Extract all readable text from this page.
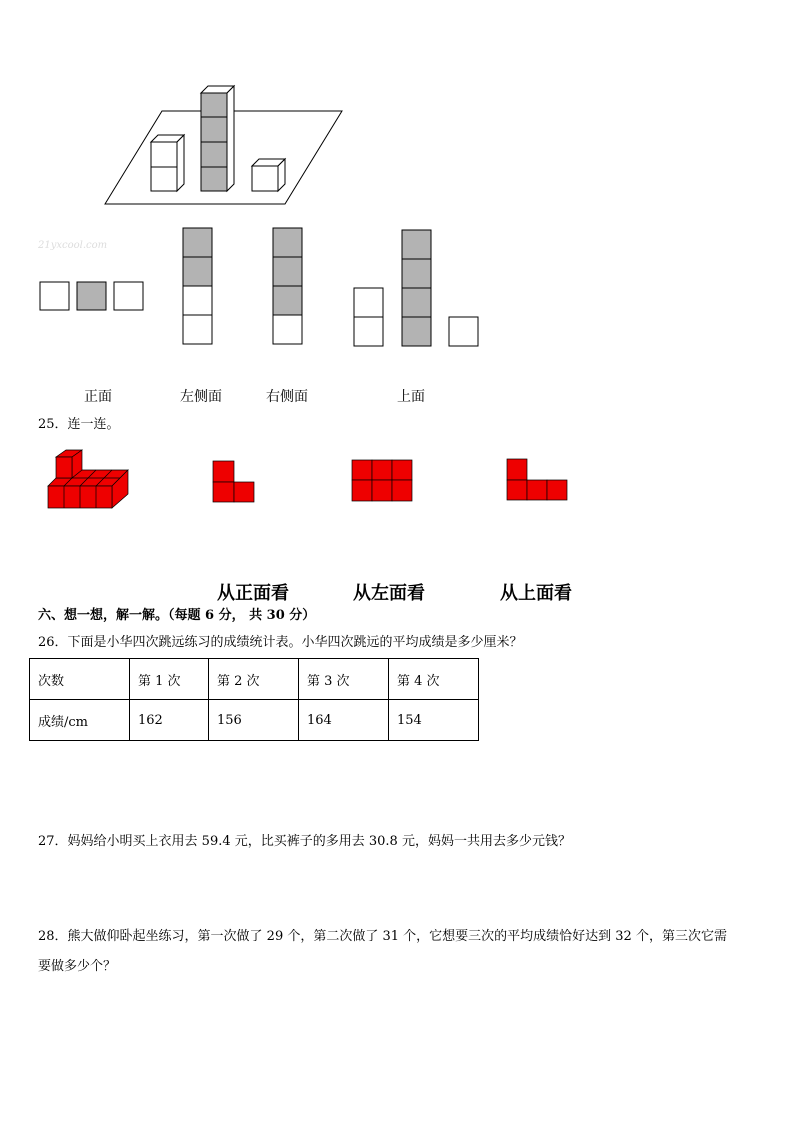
21yxcool.com
正面	左侧面	右侧面	上面
25．连一连。
从正面看	从左面看	从上面看
六、想一想，解一解。（每题 6 分， 共 30 分）
26．下面是小华四次跳远练习的成绩统计表。小华四次跳远的平均成绩是多少厘米？
次数	第 1 次	第 2 次	第 3 次	第 4 次
成绩/cm	162	156	164	154
27．妈妈给小明买上衣用去 59.4 元，比买裤子的多用去 30.8 元，妈妈一共用去多少元钱？
28．熊大做仰卧起坐练习，第一次做了 29 个，第二次做了 31 个，它想要三次的平均成绩恰好达到 32 个，第三次它需
要做多少个？
